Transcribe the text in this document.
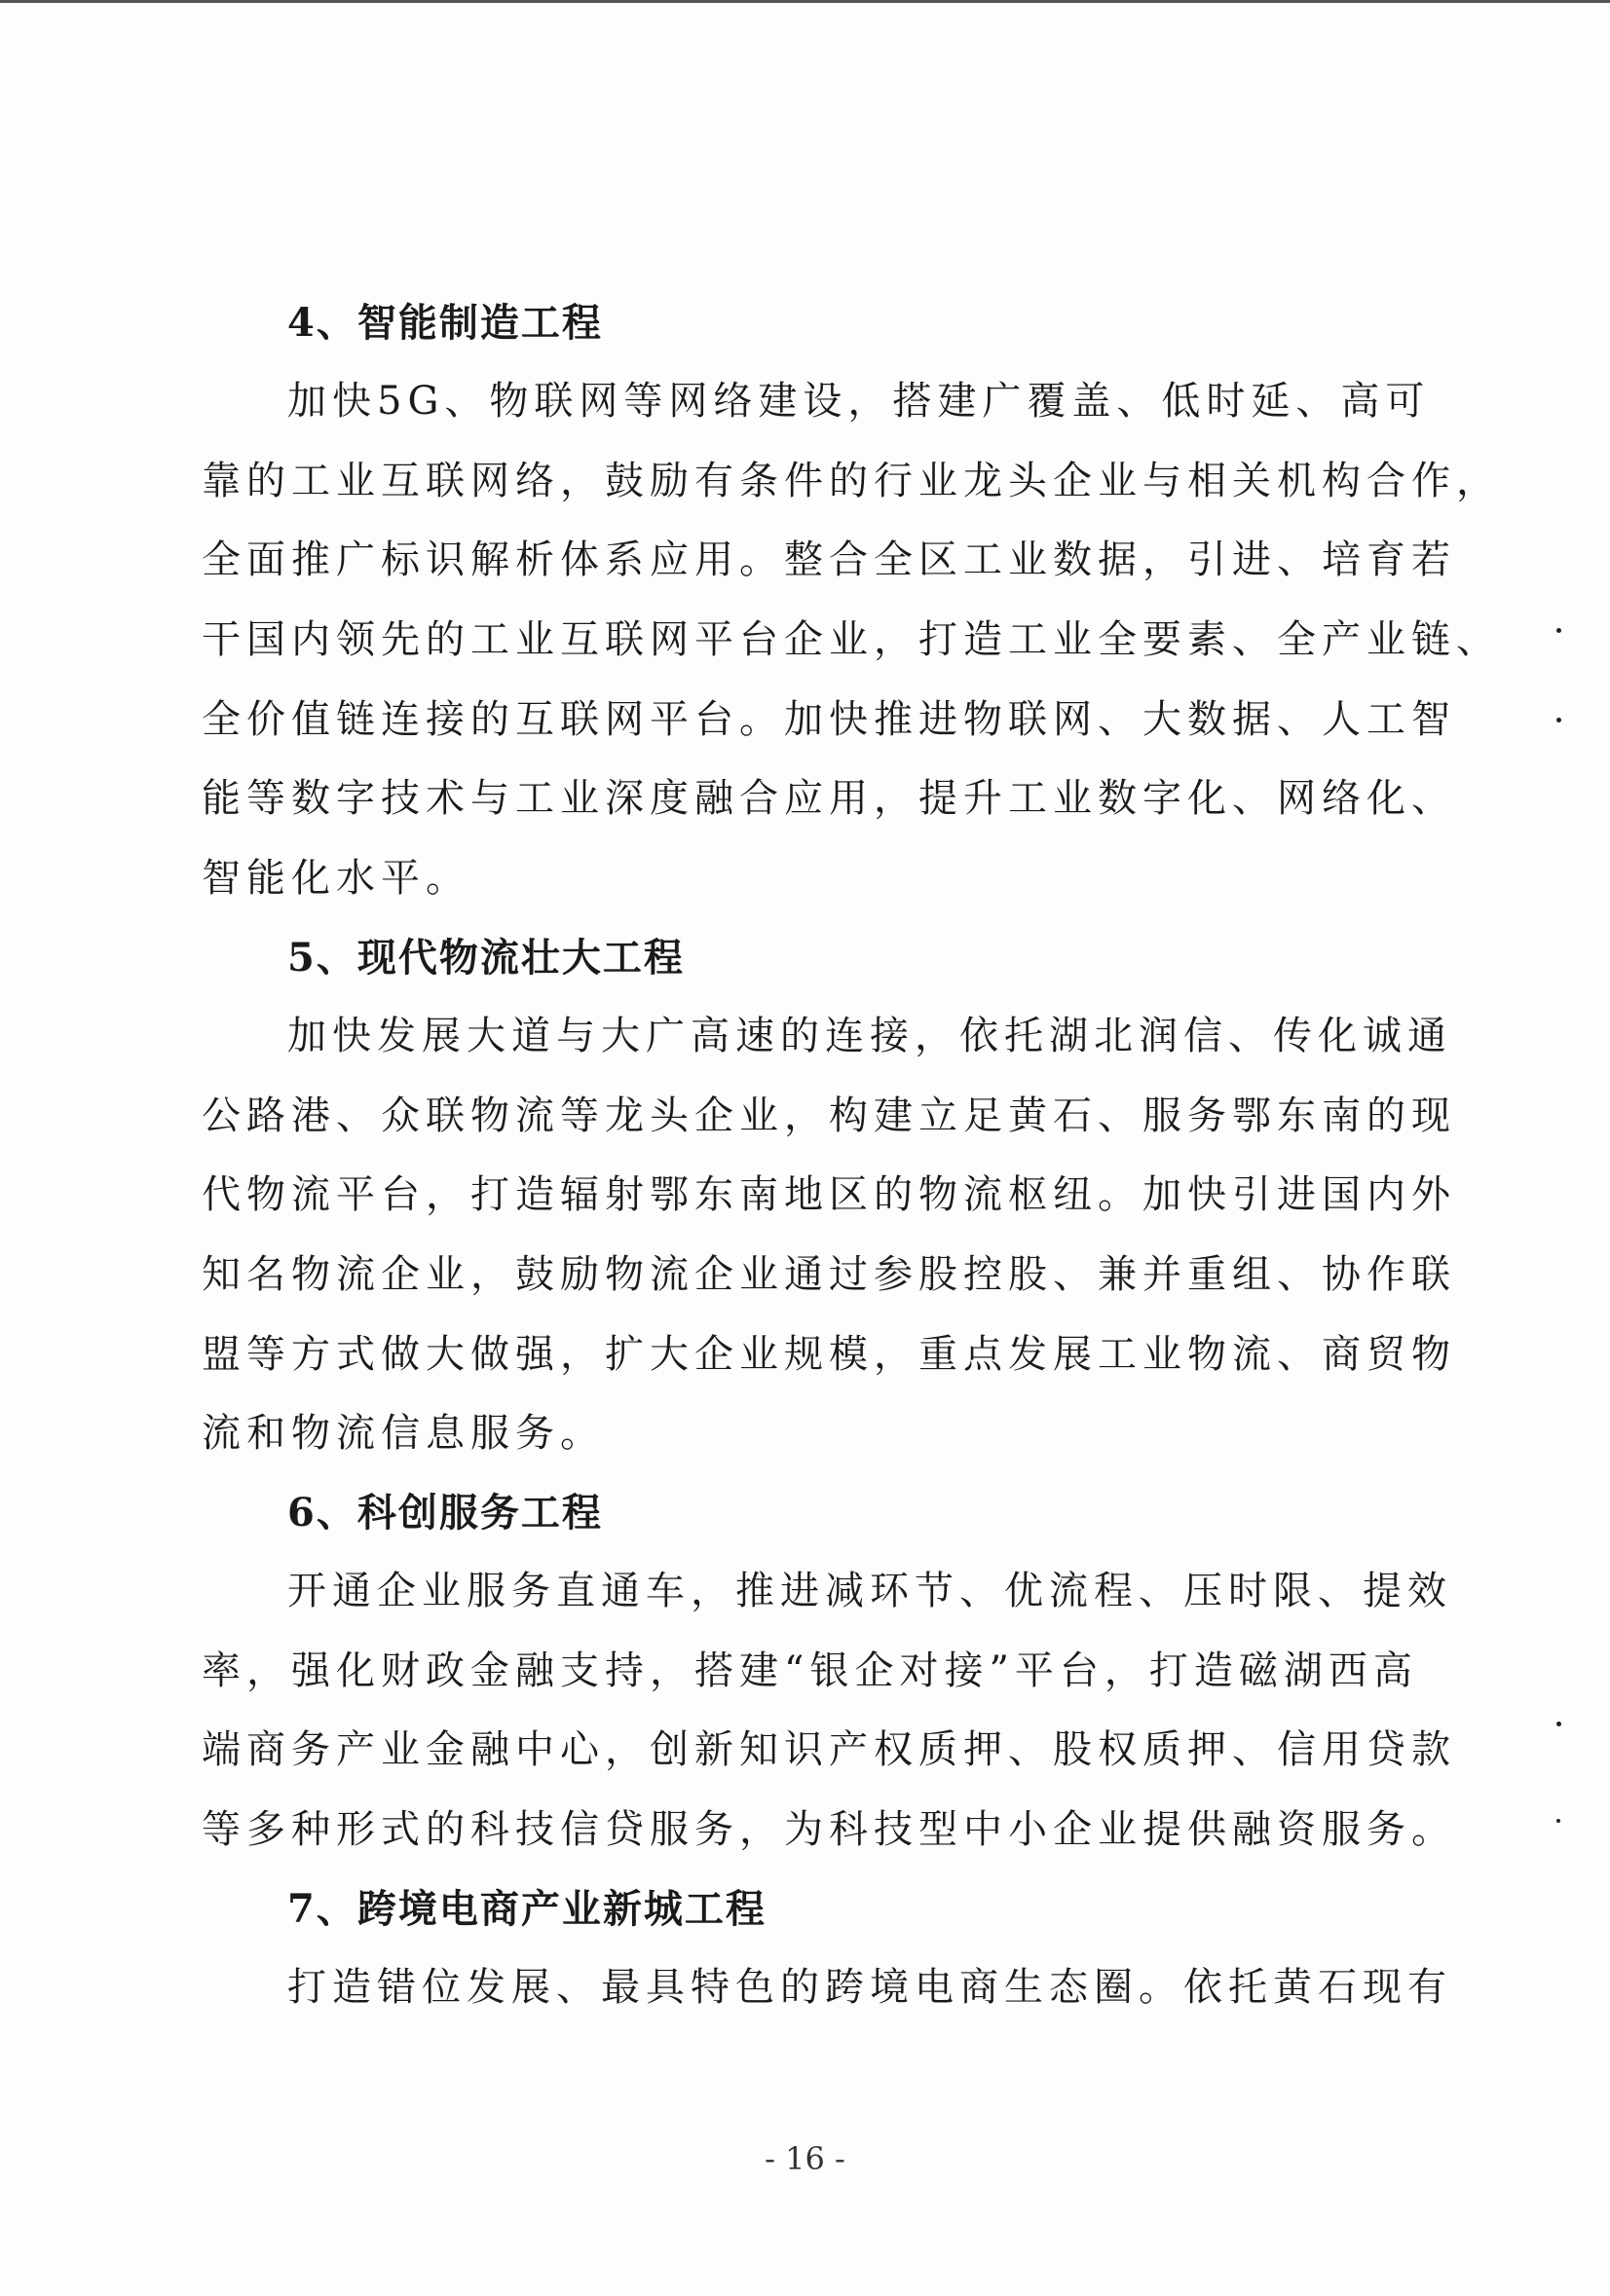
4、智能制造工程
加快5G、物联网等网络建设，搭建广覆盖、低时延、高可
靠的工业互联网络，鼓励有条件的行业龙头企业与相关机构合作，
全面推广标识解析体系应用。整合全区工业数据，引进、培育若
干国内领先的工业互联网平台企业，打造工业全要素、全产业链、
全价值链连接的互联网平台。加快推进物联网、大数据、人工智
能等数字技术与工业深度融合应用，提升工业数字化、网络化、
智能化水平。
5、现代物流壮大工程
加快发展大道与大广高速的连接，依托湖北润信、传化诚通
公路港、众联物流等龙头企业，构建立足黄石、服务鄂东南的现
代物流平台，打造辐射鄂东南地区的物流枢纽。加快引进国内外
知名物流企业，鼓励物流企业通过参股控股、兼并重组、协作联
盟等方式做大做强，扩大企业规模，重点发展工业物流、商贸物
流和物流信息服务。
6、科创服务工程
开通企业服务直通车，推进减环节、优流程、压时限、提效
率，强化财政金融支持，搭建“银企对接”平台，打造磁湖西高
端商务产业金融中心，创新知识产权质押、股权质押、信用贷款
等多种形式的科技信贷服务，为科技型中小企业提供融资服务。
7、跨境电商产业新城工程
打造错位发展、最具特色的跨境电商生态圈。依托黄石现有
- 16 -
